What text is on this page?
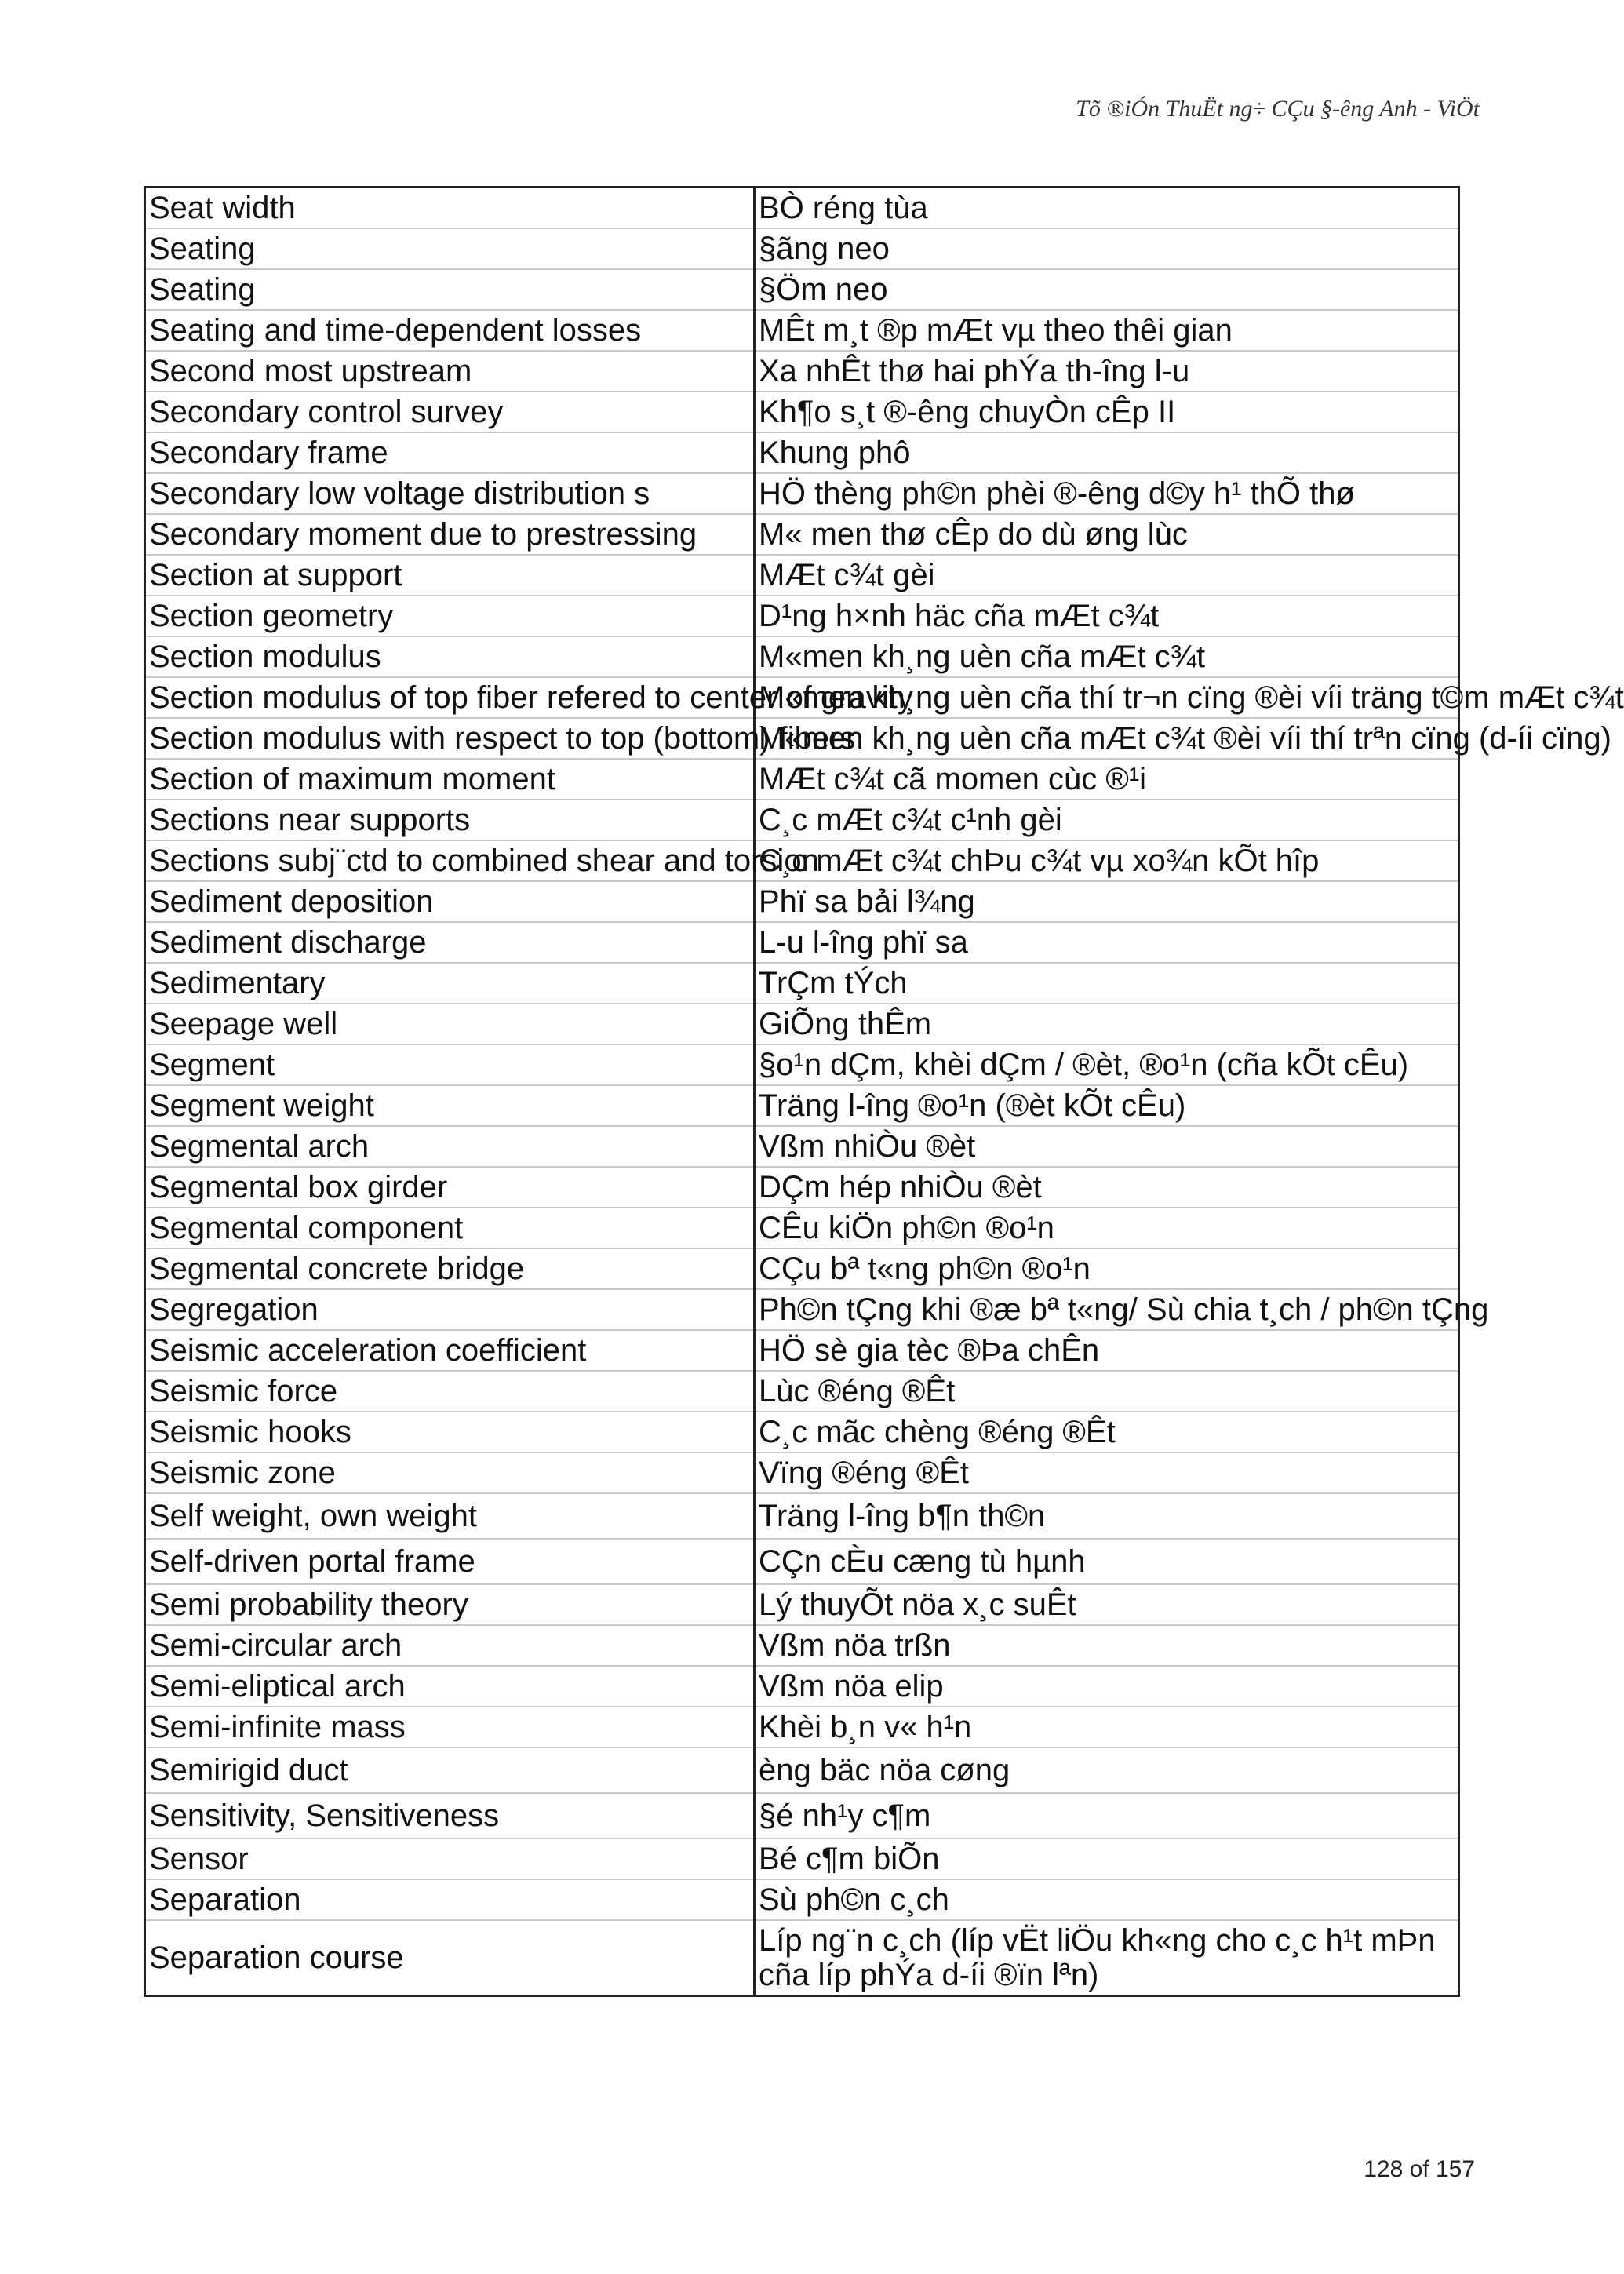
Tõ ®iÓn ThuËt ng÷ CÇu §-êng Anh - ViÖt
Seat width	BÒ réng tùa
Seating	§ãng neo
Seating	§Öm neo
Seating and time-dependent losses	MÊt m¸t ®p mÆt vµ theo thêi gian
Second most upstream	Xa nhÊt thø hai phÝa th-îng l-u
Secondary control survey	Kh¶o s¸t ®-êng chuyÒn cÊp II
Secondary frame	Khung phô
Secondary low voltage distribution s	HÖ thèng ph©n phèi ®-êng d©y h¹ thÕ thø
Secondary moment due to prestressing	M« men thø cÊp do dù øng lùc
Section at support	MÆt c¾t gèi
Section geometry	D¹ng h×nh häc cña mÆt c¾t
Section modulus	M«men kh¸ng uèn cña mÆt c¾t
Section modulus of top fiber refered to center of gravity	M«men kh¸ng uèn cña thí tr¬n cïng ®èi víi träng t©m mÆt c¾t
Section modulus with respect to top (bottom) fibers	M«men kh¸ng uèn cña mÆt c¾t ®èi víi thí trªn cïng (d-íi cïng)
Section of maximum moment	MÆt c¾t cã momen cùc ®¹i
Sections near supports	C¸c mÆt c¾t c¹nh gèi
Sections subj¨ctd to combined shear and torsion	C¸c mÆt c¾t chÞu c¾t vµ xo¾n kÕt hîp
Sediment deposition	Phï sa bải l¾ng
Sediment discharge	L-u l-îng phï sa
Sedimentary	TrÇm tÝch
Seepage well	GiÕng thÊm
Segment	§o¹n dÇm, khèi dÇm / ®èt, ®o¹n (cña kÕt cÊu)
Segment weight	Träng l-îng ®o¹n (®èt kÕt cÊu)
Segmental arch	Vßm nhiÒu ®èt
Segmental box girder	DÇm hép nhiÒu ®èt
Segmental component	CÊu kiÖn ph©n ®o¹n
Segmental concrete bridge	CÇu bª t«ng ph©n ®o¹n
Segregation	Ph©n tÇng khi ®æ bª t«ng/ Sù chia t¸ch / ph©n tÇng
Seismic acceleration coefficient	HÖ sè gia tèc ®Þa chÊn
Seismic force	Lùc ®éng ®Êt
Seismic hooks	C¸c mãc chèng ®éng ®Êt
Seismic zone	Vïng ®éng ®Êt
Self weight, own weight	Träng l-îng b¶n th©n
Self-driven portal frame	CÇn cÈu cæng tù hµnh
Semi probability theory	Lý thuyÕt nöa x¸c suÊt
Semi-circular arch	Vßm nöa trßn
Semi-eliptical arch	Vßm nöa elip
Semi-infinite mass	Khèi b¸n v« h¹n
Semirigid duct	èng bäc nöa cøng
Sensitivity, Sensitiveness	§é nh¹y c¶m
Sensor	Bé c¶m biÕn
Separation	Sù ph©n c¸ch
Separation course	Líp ng¨n c¸ch (líp vËt liÖu kh«ng cho c¸c h¹t mÞn cña líp phÝa d-íi ®ïn lªn)
128 of 157
